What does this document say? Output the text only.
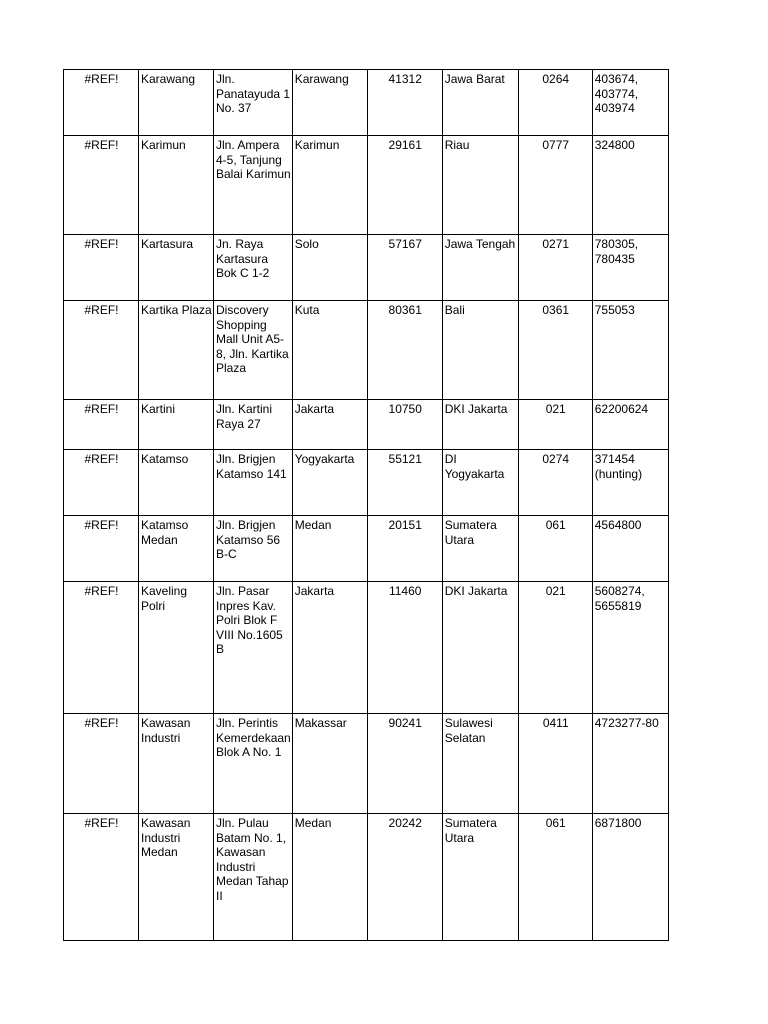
#REF!	Karawang	Jln. Panatayuda 1 No. 37	Karawang	41312	Jawa Barat	0264	403674, 403774, 403974
#REF!	Karimun	Jln. Ampera 4-5, Tanjung Balai Karimun	Karimun	29161	Riau	0777	324800
#REF!	Kartasura	Jn. Raya Kartasura Bok C 1-2	Solo	57167	Jawa Tengah	0271	780305, 780435
#REF!	Kartika Plaza	Discovery Shopping Mall Unit A5-8, Jln. Kartika Plaza	Kuta	80361	Bali	0361	755053
#REF!	Kartini	Jln. Kartini Raya 27	Jakarta	10750	DKI Jakarta	021	62200624
#REF!	Katamso	Jln. Brigjen Katamso 141	Yogyakarta	55121	DI Yogyakarta	0274	371454 (hunting)
#REF!	Katamso Medan	Jln. Brigjen Katamso 56 B-C	Medan	20151	Sumatera Utara	061	4564800
#REF!	Kaveling Polri	Jln. Pasar Inpres Kav. Polri Blok F VIII No.1605 B	Jakarta	11460	DKI Jakarta	021	5608274, 5655819
#REF!	Kawasan Industri	Jln. Perintis Kemerdekaan Blok A No. 1	Makassar	90241	Sulawesi Selatan	0411	4723277-80
#REF!	Kawasan Industri Medan	Jln. Pulau Batam No. 1, Kawasan Industri Medan Tahap II	Medan	20242	Sumatera Utara	061	6871800
